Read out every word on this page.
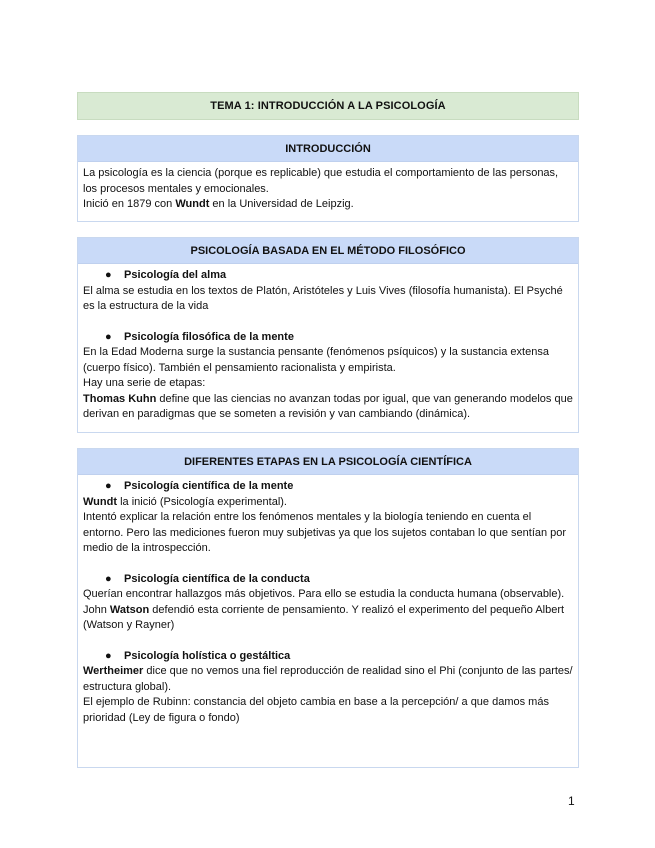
TEMA 1: INTRODUCCIÓN A LA PSICOLOGÍA
INTRODUCCIÓN

La psicología es la ciencia (porque es replicable) que estudia el comportamiento de las personas, los procesos mentales y emocionales.

Inició en 1879 con Wundt en la Universidad de Leipzig.

PSICOLOGÍA BASADA EN EL MÉTODO FILOSÓFICO

● Psicología del alma

El alma se estudia en los textos de Platón, Aristóteles y Luis Vives (filosofía humanista). El Psyché es la estructura de la vida

● Psicología filosófica de la mente

En la Edad Moderna surge la sustancia pensante (fenómenos psíquicos) y la sustancia extensa (cuerpo físico). También el pensamiento racionalista y empirista.

Hay una serie de etapas:

Thomas Kuhn define que las ciencias no avanzan todas por igual, que van generando modelos que derivan en paradigmas que se someten a revisión y van cambiando (dinámica).

DIFERENTES ETAPAS EN LA PSICOLOGÍA CIENTÍFICA

● Psicología científica de la mente

Wundt la inició (Psicología experimental).

Intentó explicar la relación entre los fenómenos mentales y la biología teniendo en cuenta el entorno. Pero las mediciones fueron muy subjetivas ya que los sujetos contaban lo que sentían por medio de la introspección.

● Psicología científica de la conducta

Querían encontrar hallazgos más objetivos. Para ello se estudia la conducta humana (observable). John Watson defendió esta corriente de pensamiento. Y realizó el experimento del pequeño Albert (Watson y Rayner)

● Psicología holística o gestáltica

Wertheimer dice que no vemos una fiel reproducción de realidad sino el Phi (conjunto de las partes/ estructura global).

El ejemplo de Rubinn: constancia del objeto cambia en base a la percepción/ a que damos más prioridad (Ley de figura o fondo)

1
